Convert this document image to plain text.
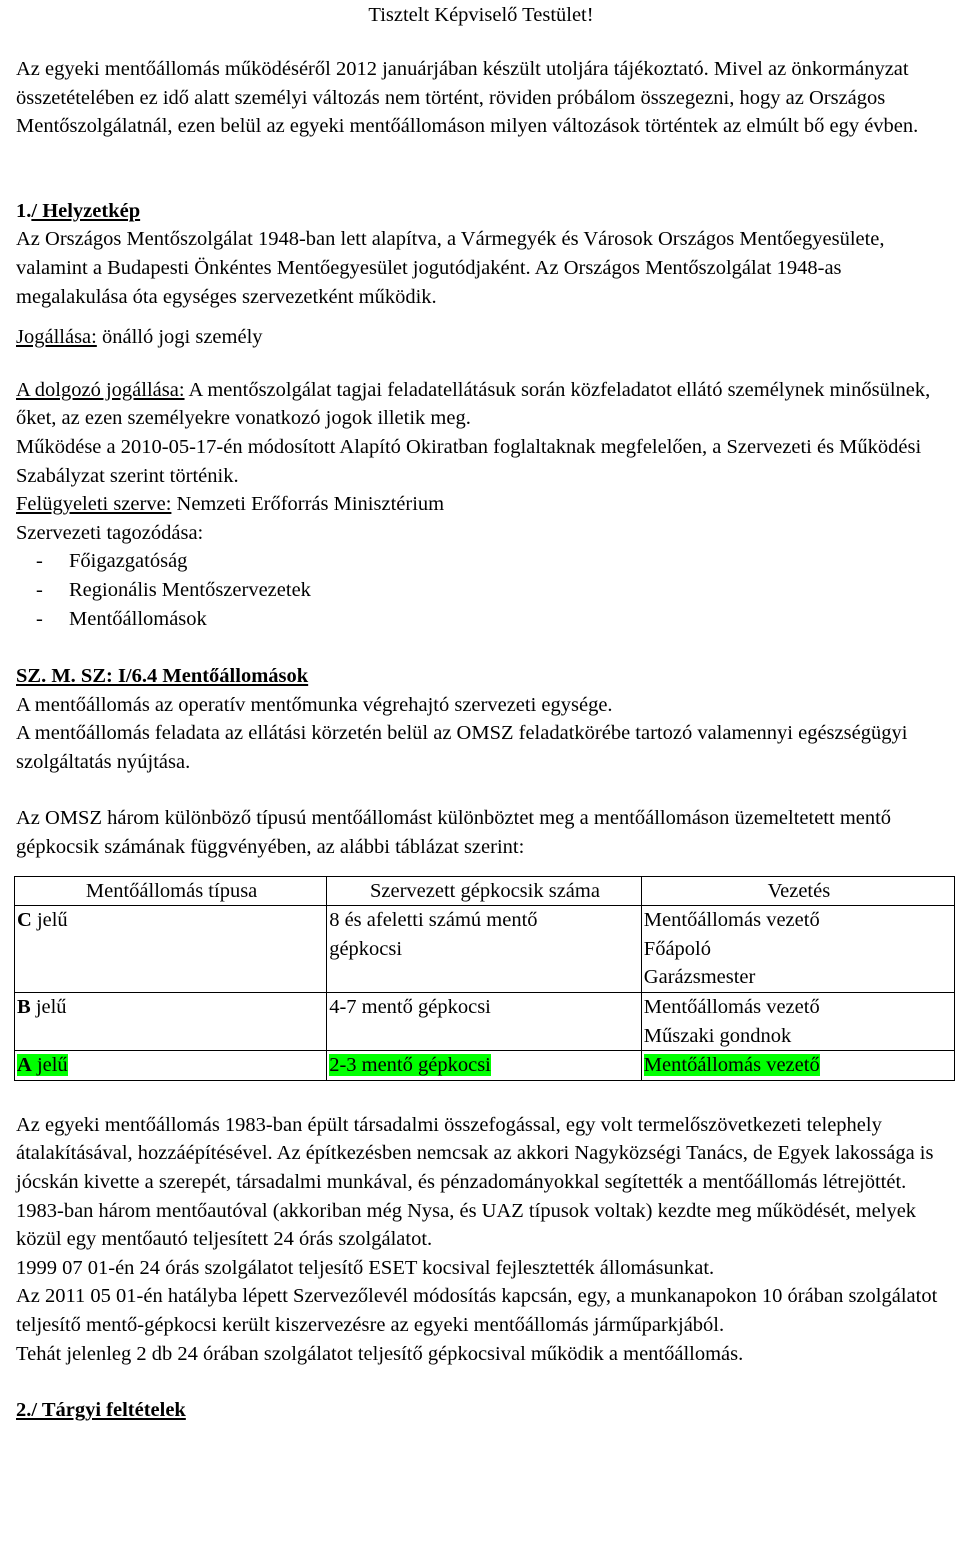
Tisztelt Képviselő Testület!

Az egyeki mentőállomás működéséről 2012 januárjában készült utoljára tájékoztató. Mivel az önkormányzat összetételében ez idő alatt személyi változás nem történt, röviden próbálom összegezni, hogy az Országos Mentőszolgálatnál, ezen belül az egyeki mentőállomáson milyen változások történtek az elmúlt bő egy évben.

1./ Helyzetkép

Az Országos Mentőszolgálat 1948-ban lett alapítva, a Vármegyék és Városok Országos Mentőegyesülete, valamint a Budapesti Önkéntes Mentőegyesület jogutódjaként. Az Országos Mentőszolgálat 1948-as megalakulása óta egységes szervezetként működik.

Jogállása: önálló jogi személy

A dolgozó jogállása: A mentőszolgálat tagjai feladatellátásuk során közfeladatot ellátó személynek minősülnek, őket, az ezen személyekre vonatkozó jogok illetik meg.

Működése a 2010-05-17-én módosított Alapító Okiratban foglaltaknak megfelelően, a Szervezeti és Működési Szabályzat szerint történik.

Felügyeleti szerve: Nemzeti Erőforrás Minisztérium

Szervezeti tagozódása:

- Főigazgatóság
- Regionális Mentőszervezetek
- Mentőállomások

SZ. M. SZ: I/6.4 Mentőállomások

A mentőállomás az operatív mentőmunka végrehajtó szervezeti egysége.

A mentőállomás feladata az ellátási körzetén belül az OMSZ feladatkörébe tartozó valamennyi egészségügyi szolgáltatás nyújtása.

Az OMSZ három különböző típusú mentőállomást különböztet meg a mentőállomáson üzemeltetett mentő gépkocsik számának függvényében, az alábbi táblázat szerint:

Mentőállomás típusa	Szervezett gépkocsik száma	Vezetés
C jelű	8 és afeletti számú mentő gépkocsi	Mentőállomás vezető
Főápoló
Garázsmester

B jelű	4-7 mentő gépkocsi	Mentőállomás vezető
Műszaki gondnok

A jelű	2-3 mentő gépkocsi	Mentőállomás vezető

Az egyeki mentőállomás 1983-ban épült társadalmi összefogással, egy volt termelőszövetkezeti telephely átalakításával, hozzáépítésével. Az építkezésben nemcsak az akkori Nagyközségi Tanács, de Egyek lakossága is jócskán kivette a szerepét, társadalmi munkával, és pénzadományokkal segítették a mentőállomás létrejöttét.

1983-ban három mentőautóval (akkoriban még Nysa, és UAZ típusok voltak) kezdte meg működését, melyek közül egy mentőautó teljesített 24 órás szolgálatot.

1999 07 01-én 24 órás szolgálatot teljesítő ESET kocsival fejlesztették állomásunkat.

Az 2011 05 01-én hatályba lépett Szervezőlevél módosítás kapcsán, egy, a munkanapokon 10 órában szolgálatot teljesítő mentő-gépkocsi került kiszervezésre az egyeki mentőállomás járműparkjából.

Tehát jelenleg 2 db 24 órában szolgálatot teljesítő gépkocsival működik a mentőállomás.

2./ Tárgyi feltételek
